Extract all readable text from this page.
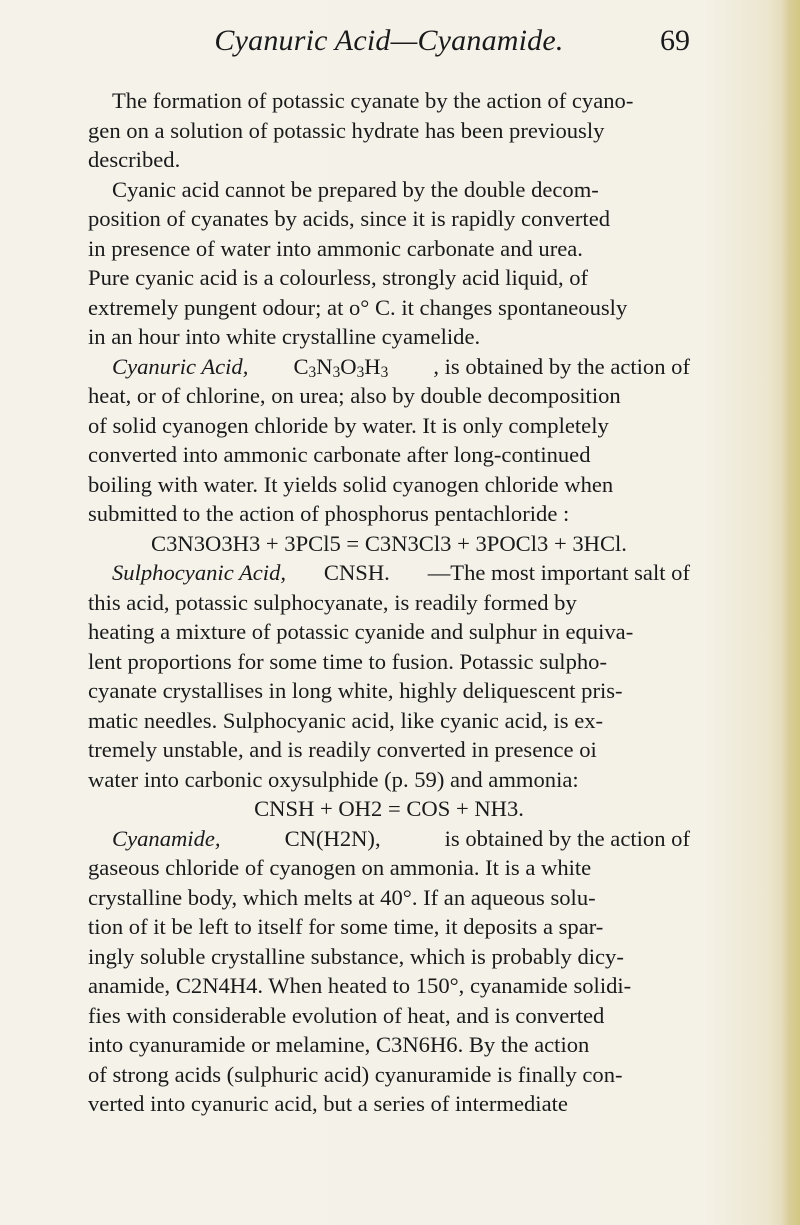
Cyanuric Acid—Cyanamide.	69
The formation of potassic cyanate by the action of cyano-
gen on a solution of potassic hydrate has been previously
described.
Cyanic acid cannot be prepared by the double decom-
position of cyanates by acids, since it is rapidly converted
in presence of water into ammonic carbonate and urea.
Pure cyanic acid is a colourless, strongly acid liquid, of
extremely pungent odour; at o° C. it changes spontaneously
in an hour into white crystalline cyamelide.
Cyanuric Acid, $C_3N_3O_3H_3$ , is obtained by the action of
heat, or of chlorine, on urea; also by double decomposition
of solid cyanogen chloride by water. It is only completely
converted into ammonic carbonate after long-continued
boiling with water. It yields solid cyanogen chloride when
submitted to the action of phosphorus pentachloride :
C3N3O3H3 + 3PCl5 = C3N3Cl3 + 3POCl3 + 3HCl.
Sulphocyanic Acid, CNSH. —The most important salt of
this acid, potassic sulphocyanate, is readily formed by
heating a mixture of potassic cyanide and sulphur in equiva-
lent proportions for some time to fusion. Potassic sulpho-
cyanate crystallises in long white, highly deliquescent pris-
matic needles. Sulphocyanic acid, like cyanic acid, is ex-
tremely unstable, and is readily converted in presence oi
water into carbonic oxysulphide (p. 59) and ammonia:
CNSH + OH2 = COS + NH3.
Cyanamide,	CN(H2N),	is obtained by the action of
gaseous chloride of cyanogen on ammonia. It is a white
crystalline body, which melts at 40°. If an aqueous solu-
tion of it be left to itself for some time, it deposits a spar-
ingly soluble crystalline substance, which is probably dicy-
anamide, C2N4H4. When heated to 150°, cyanamide solidi-
fies with considerable evolution of heat, and is converted
into cyanuramide or melamine, C3N6H6. By the action
of strong acids (sulphuric acid) cyanuramide is finally con-
verted into cyanuric acid, but a series of intermediate
